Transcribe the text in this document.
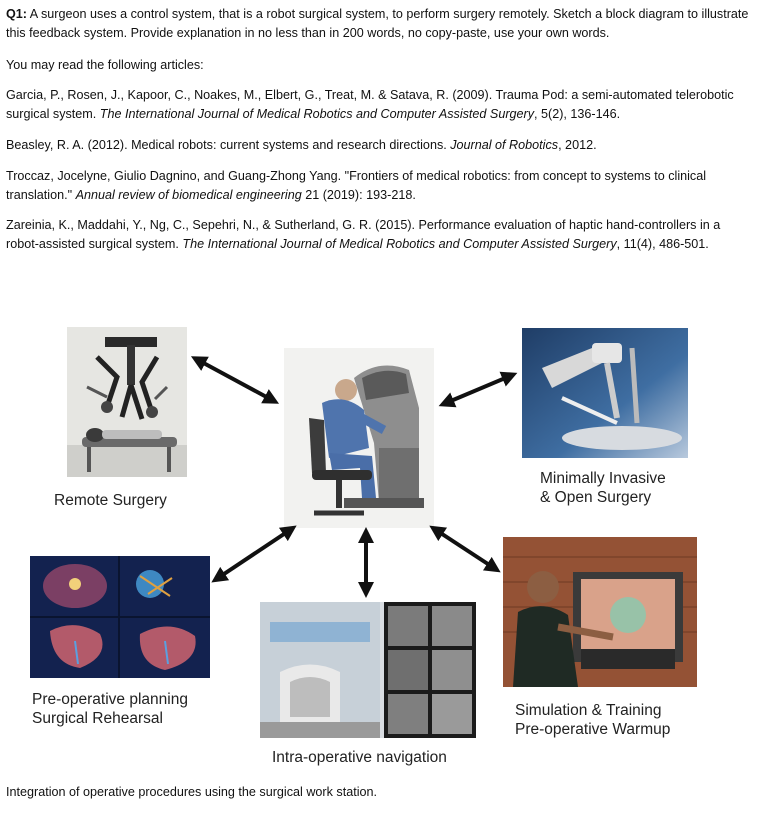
Q1: A surgeon uses a control system, that is a robot surgical system, to perform surgery remotely. Sketch a block diagram to illustrate this feedback system. Provide explanation in no less than in 200 words, no copy-paste, use your own words.

You may read the following articles:

Garcia, P., Rosen, J., Kapoor, C., Noakes, M., Elbert, G., Treat, M. & Satava, R. (2009). Trauma Pod: a semi-automated telerobotic surgical system. The International Journal of Medical Robotics and Computer Assisted Surgery, 5(2), 136-146.

Beasley, R. A. (2012). Medical robots: current systems and research directions. Journal of Robotics, 2012.

Troccaz, Jocelyne, Giulio Dagnino, and Guang-Zhong Yang. "Frontiers of medical robotics: from concept to systems to clinical translation." Annual review of biomedical engineering 21 (2019): 193-218.

Zareinia, K., Maddahi, Y., Ng, C., Sepehri, N., & Sutherland, G. R. (2015). Performance evaluation of haptic hand-controllers in a robot-assisted surgical system. The International Journal of Medical Robotics and Computer Assisted Surgery, 11(4), 486-501.

Remote Surgery
Minimally Invasive
& Open Surgery
Pre-operative planning
Surgical Rehearsal	Simulation & Training
Pre-operative Warmup
Intra-operative navigation

Integration of operative procedures using the surgical work station.
